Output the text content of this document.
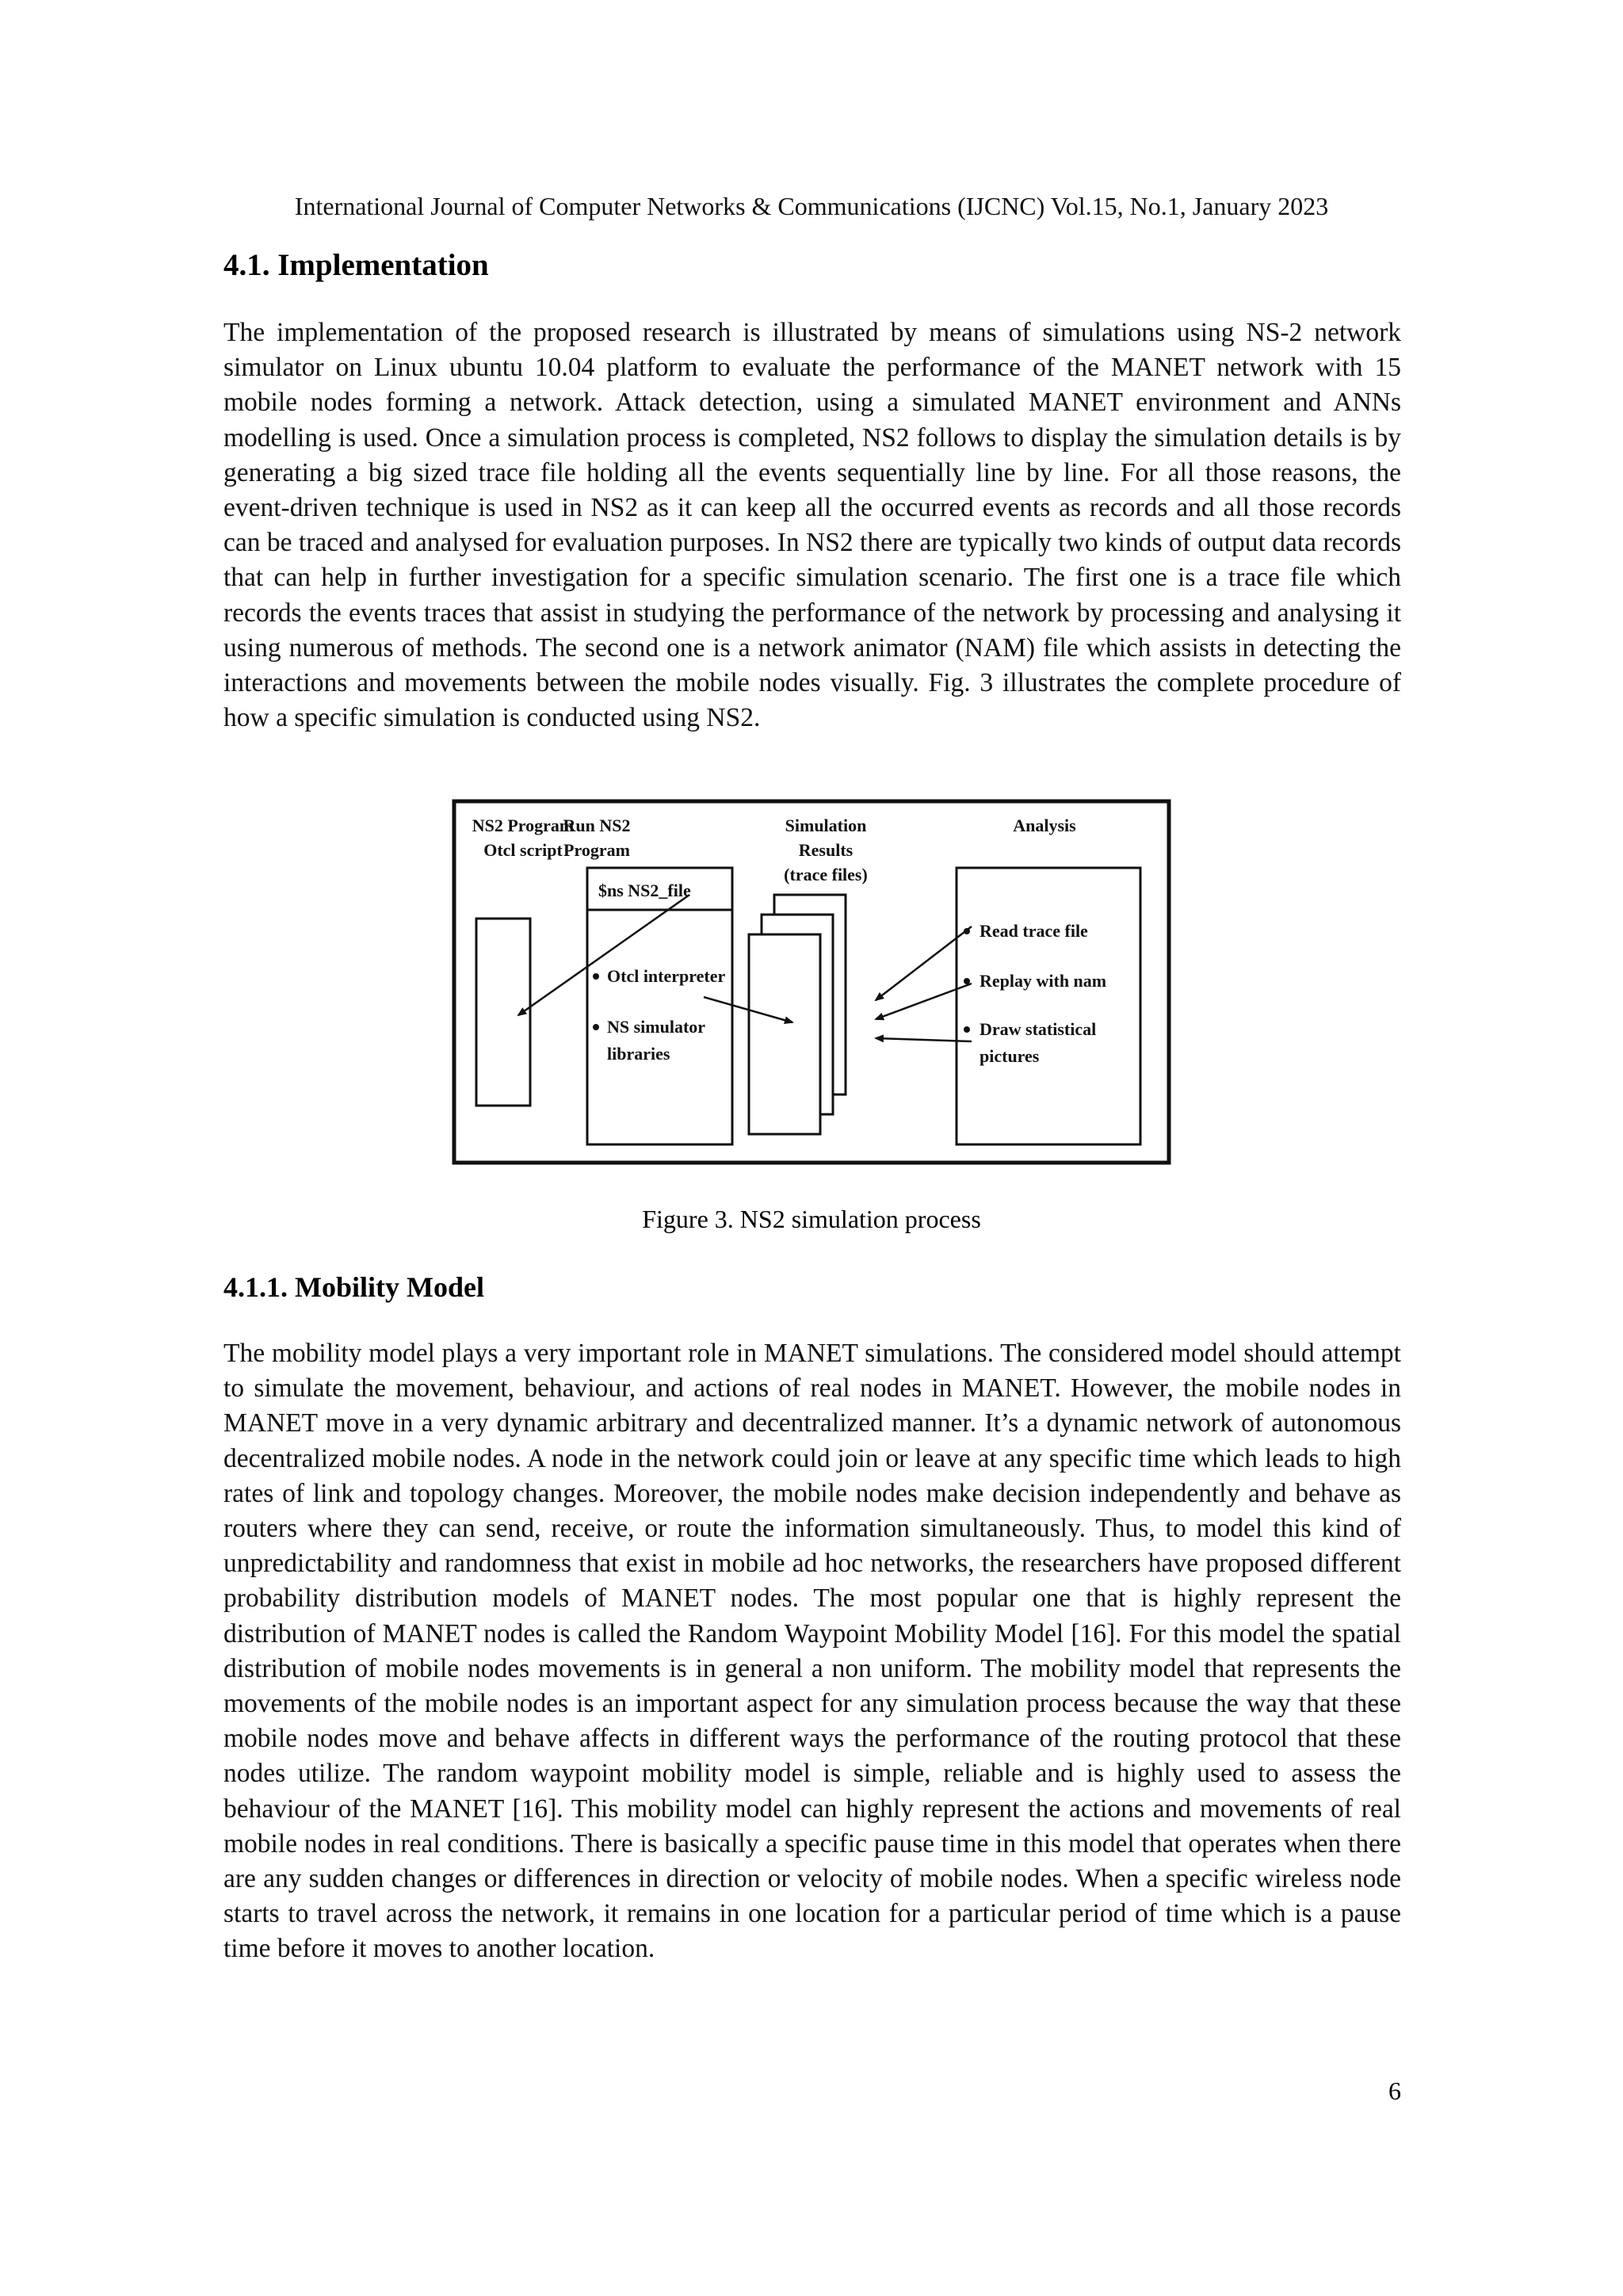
International Journal of Computer Networks & Communications (IJCNC) Vol.15, No.1, January 2023
4.1. Implementation
The implementation of the proposed research is illustrated by means of simulations using NS-2 network simulator on Linux ubuntu 10.04 platform to evaluate the performance of the MANET network with 15 mobile nodes forming a network. Attack detection, using a simulated MANET environment and ANNs modelling is used. Once a simulation process is completed, NS2 follows to display the simulation details is by generating a big sized trace file holding all the events sequentially line by line. For all those reasons, the event-driven technique is used in NS2 as it can keep all the occurred events as records and all those records can be traced and analysed for evaluation purposes. In NS2 there are typically two kinds of output data records that can help in further investigation for a specific simulation scenario. The first one is a trace file which records the events traces that assist in studying the performance of the network by processing and analysing it using numerous of methods. The second one is a network animator (NAM) file which assists in detecting the interactions and movements between the mobile nodes visually. Fig. 3 illustrates the complete procedure of how a specific simulation is conducted using NS2.
NS2 Program
Otcl script
Run NS2
Program
$ns NS2_file
Otcl interpreter
NS simulator
libraries
Simulation
Results
(trace files)
Analysis
Read trace file
Replay with nam
Draw statistical
pictures
Figure 3. NS2 simulation process
4.1.1. Mobility Model
The mobility model plays a very important role in MANET simulations. The considered model should attempt to simulate the movement, behaviour, and actions of real nodes in MANET. However, the mobile nodes in MANET move in a very dynamic arbitrary and decentralized manner. It’s a dynamic network of autonomous decentralized mobile nodes. A node in the network could join or leave at any specific time which leads to high rates of link and topology changes. Moreover, the mobile nodes make decision independently and behave as routers where they can send, receive, or route the information simultaneously. Thus, to model this kind of unpredictability and randomness that exist in mobile ad hoc networks, the researchers have proposed different probability distribution models of MANET nodes. The most popular one that is highly represent the distribution of MANET nodes is called the Random Waypoint Mobility Model [16]. For this model the spatial distribution of mobile nodes movements is in general a non uniform. The mobility model that represents the movements of the mobile nodes is an important aspect for any simulation process because the way that these mobile nodes move and behave affects in different ways the performance of the routing protocol that these nodes utilize. The random waypoint mobility model is simple, reliable and is highly used to assess the behaviour of the MANET [16]. This mobility model can highly represent the actions and movements of real mobile nodes in real conditions. There is basically a specific pause time in this model that operates when there are any sudden changes or differences in direction or velocity of mobile nodes. When a specific wireless node starts to travel across the network, it remains in one location for a particular period of time which is a pause time before it moves to another location.
6
